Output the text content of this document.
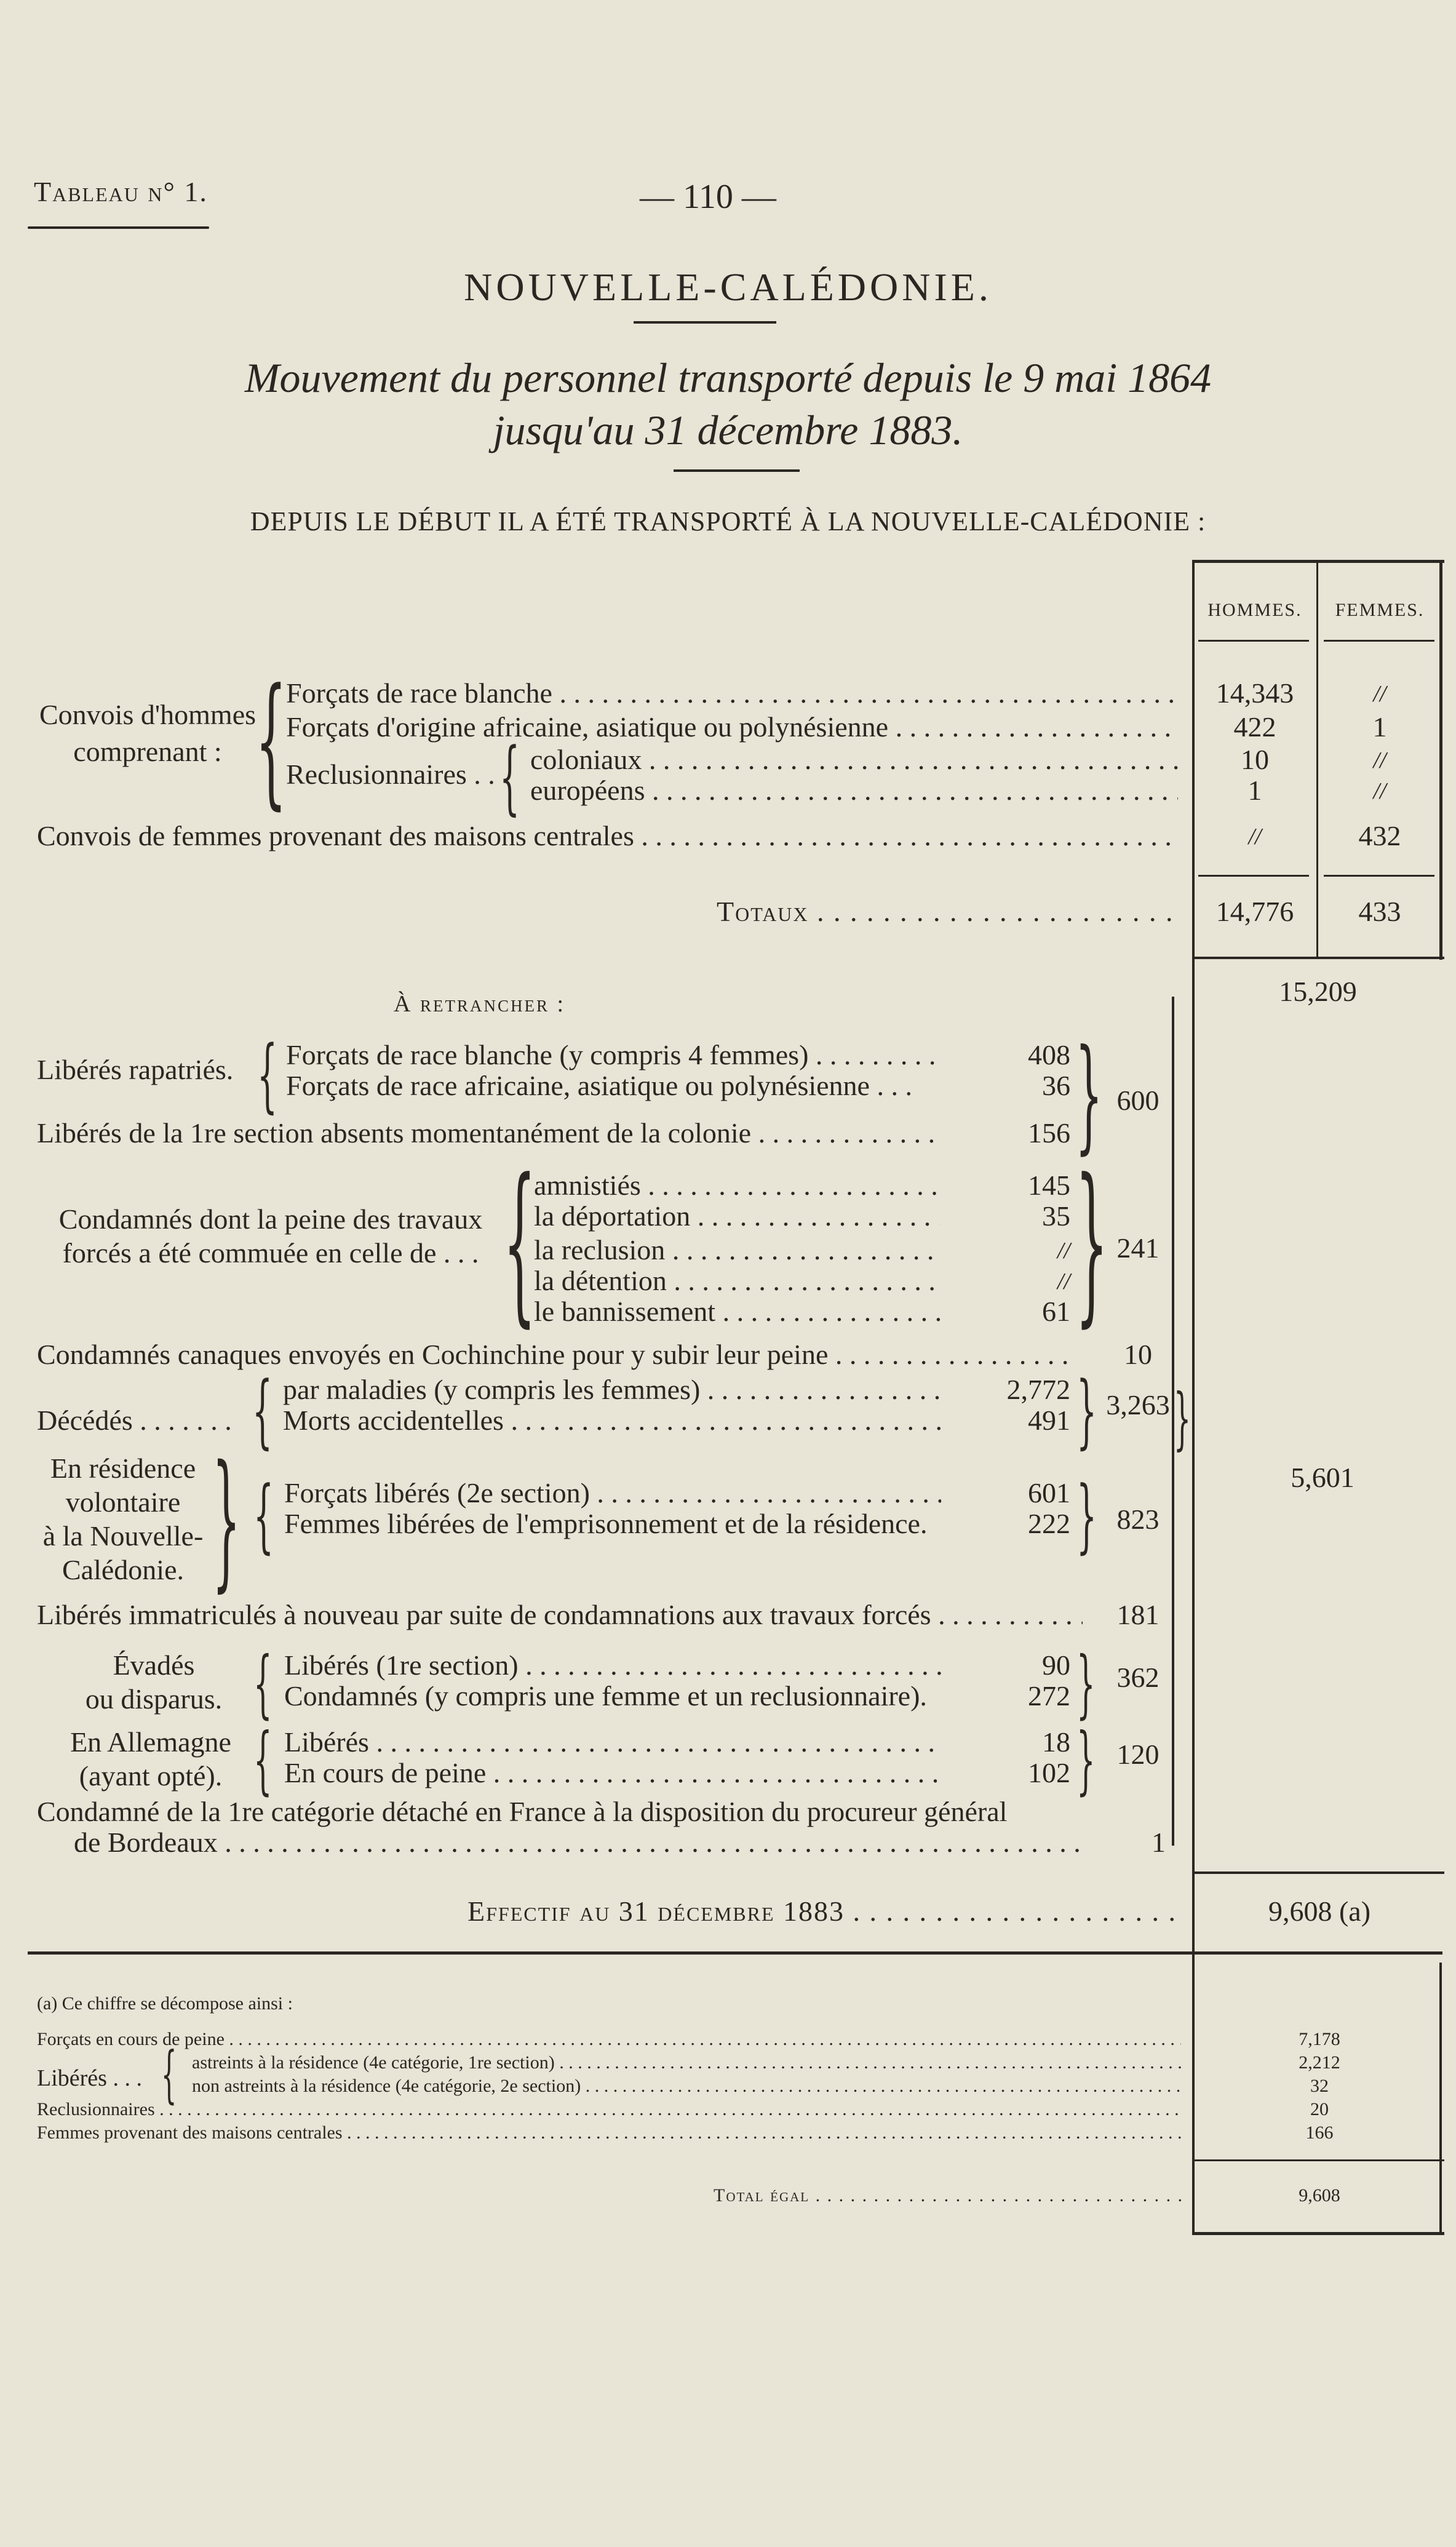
Tableau n° 1.	— 110 —
NOUVELLE-CALÉDONIE.
Mouvement du personnel transporté depuis le 9 mai 1864
jusqu'au 31 décembre 1883.
DEPUIS LE DÉBUT IL A ÉTÉ TRANSPORTÉ À LA NOUVELLE-CALÉDONIE :
HOMMES.	FEMMES.
Convois d'hommes
comprenant : {
Forçats de race blanche . . .	14,343	//
Forçats d'origine africaine, asiatique ou polynésienne . . .	422	1
Reclusionnaires . . { coloniaux . . .	10	//
européens . . .	1	//
Convois de femmes provenant des maisons centrales . . .	//	432
Totaux . . .	14,776	433
15,209
À retrancher :
Libérés rapatriés. { Forçats de race blanche (y compris 4 femmes) . . .	408
Forçats de race africaine, asiatique ou polynésienne . . .	36
Libérés de la 1re section absents momentanément de la colonie . . .	156 } 600
Condamnés dont la peine des travaux
forcés a été commuée en celle de . . . {
amnistiés . . .	145
la déportation . . .	35
la reclusion . . .	//
la détention . . .	//
le bannissement . . .	61 } 241
Condamnés canaques envoyés en Cochinchine pour y subir leur peine . . .	10
Décédés . . . . . . . { par maladies (y compris les femmes) . . .	2,772
Morts accidentelles . . .	491 } 3,263
En résidence
volontaire
à la Nouvelle-
Calédonie. } { Forçats libérés (2e section) . . .	601
Femmes libérées de l'emprisonnement et de la résidence.	222 } 823
Libérés immatriculés à nouveau par suite de condamnations aux travaux forcés . . .	181
Évadés
ou disparus. { Libérés (1re section) . . .	90
Condamnés (y compris une femme et un reclusionnaire).	272 } 362
En Allemagne
(ayant opté). { Libérés . . .	18
En cours de peine . . .	102 } 120
Condamné de la 1re catégorie détaché en France à la disposition du procureur général
de Bordeaux . . .	1
}
5,601
Effectif au 31 décembre 1883 . . .	9,608 (a)
(a) Ce chiffre se décompose ainsi :
Forçats en cours de peine . . .	7,178
Libérés . . . { astreints à la résidence (4e catégorie, 1re section) . . .	2,212
non astreints à la résidence (4e catégorie, 2e section) . . .	32
Reclusionnaires . . .	20
Femmes provenant des maisons centrales . . .	166
Total égal . . .	9,608
